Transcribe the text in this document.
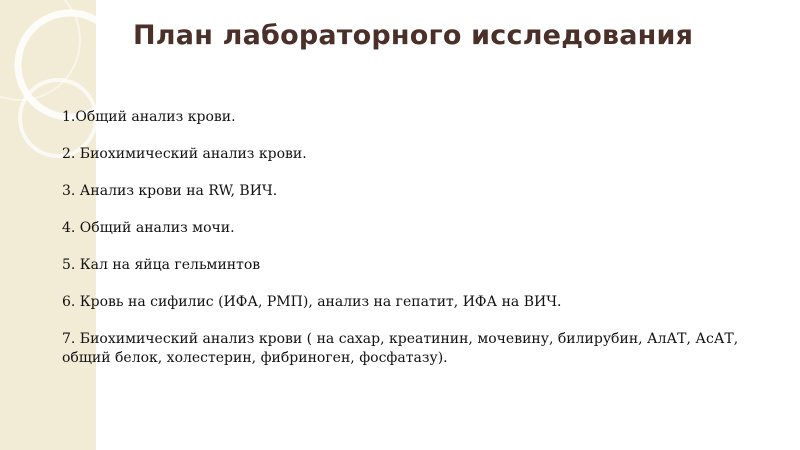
План лабораторного исследования
1.Общий анализ крови.
2. Биохимический анализ крови.
3. Анализ крови на RW, ВИЧ.
4. Общий анализ мочи.
5. Кал на яйца гельминтов
6. Кровь на сифилис (ИФА, РМП), анализ на гепатит, ИФА на ВИЧ.
7. Биохимический анализ крови ( на сахар, креатинин, мочевину, билирубин, АлАТ, АсАТ, общий белок, холестерин, фибриноген, фосфатазу).
